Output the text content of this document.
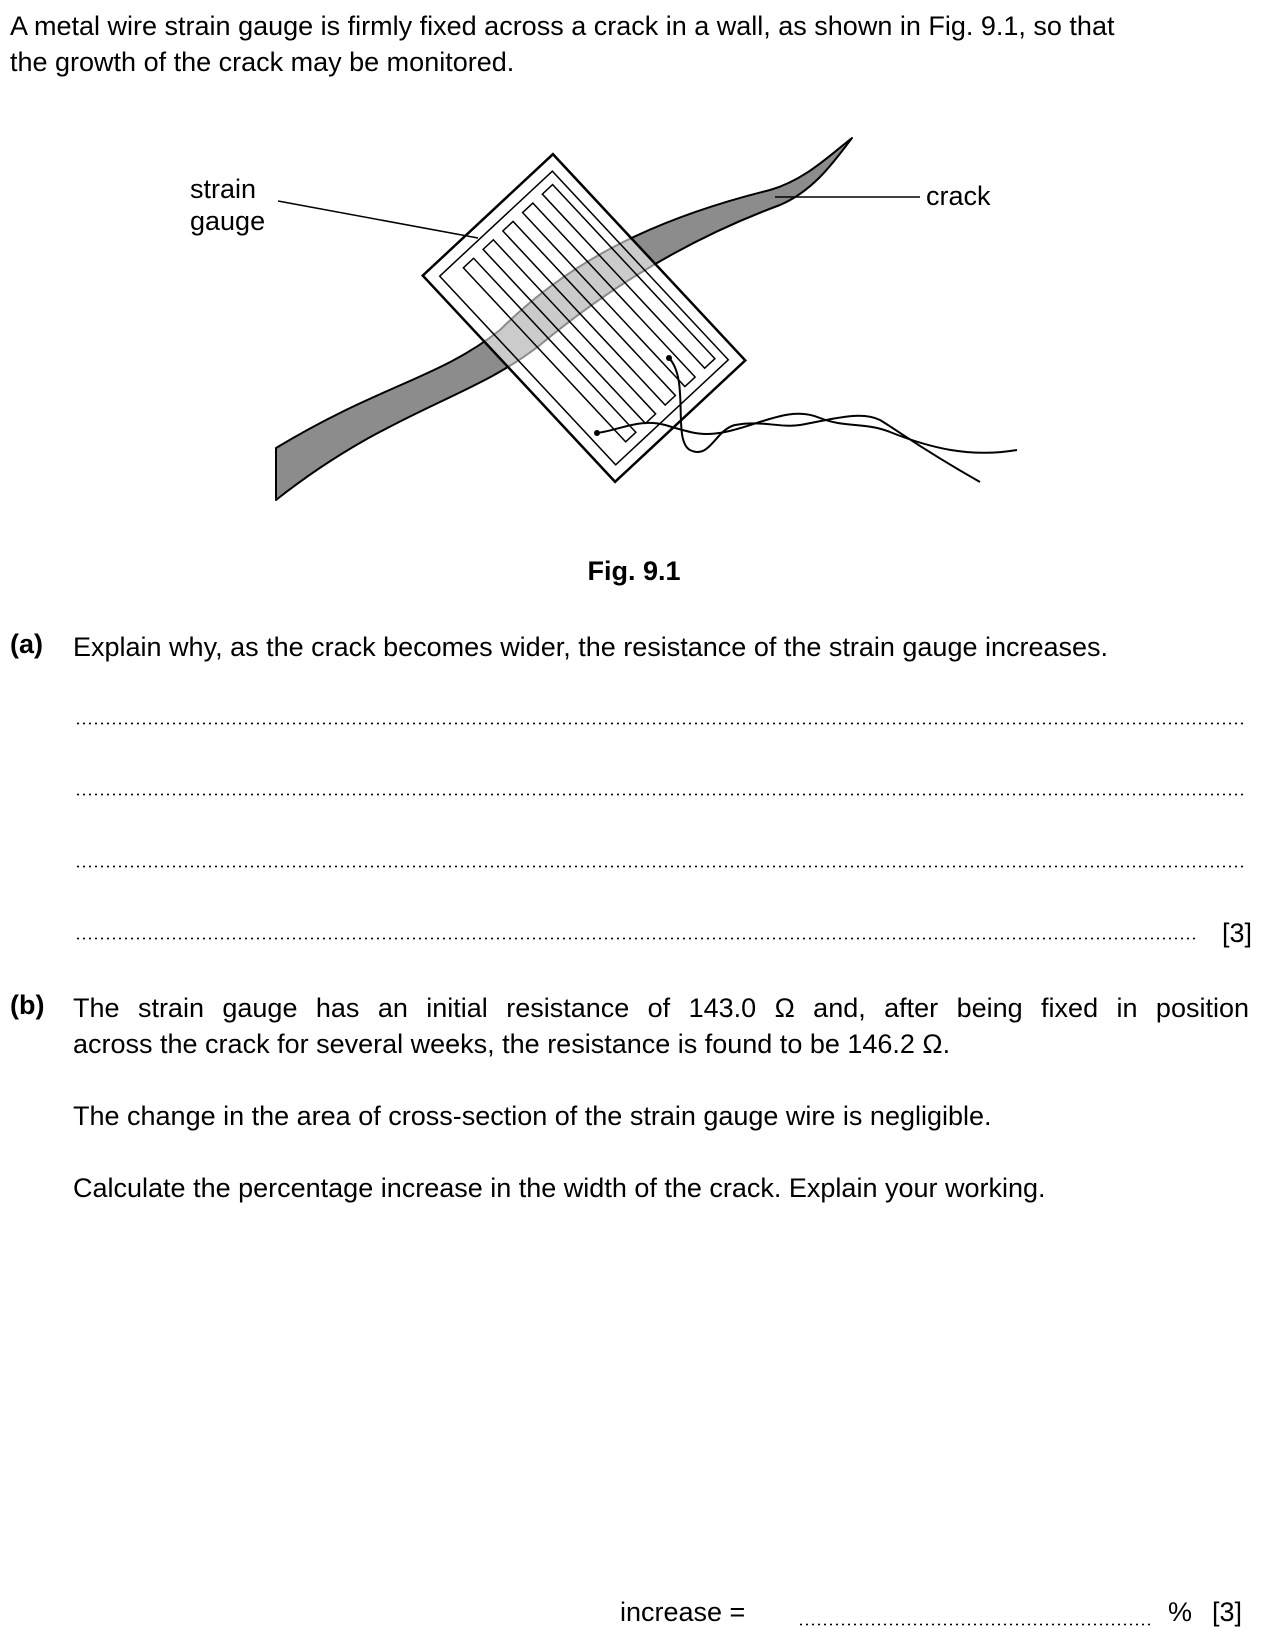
A metal wire strain gauge is firmly fixed across a crack in a wall, as shown in Fig. 9.1, so that

the growth of the crack may be monitored.

strain
gauge
crack
Fig. 9.1
(a) Explain why, as the crack becomes wider, the resistance of the strain gauge increases.
[3]
(b) The strain gauge has an initial resistance of 143.0 Ω and, after being fixed in position

across the crack for several weeks, the resistance is found to be 146.2 Ω.

The change in the area of cross-section of the strain gauge wire is negligible.
Calculate the percentage increase in the width of the crack. Explain your working.
increase =	% [3]
